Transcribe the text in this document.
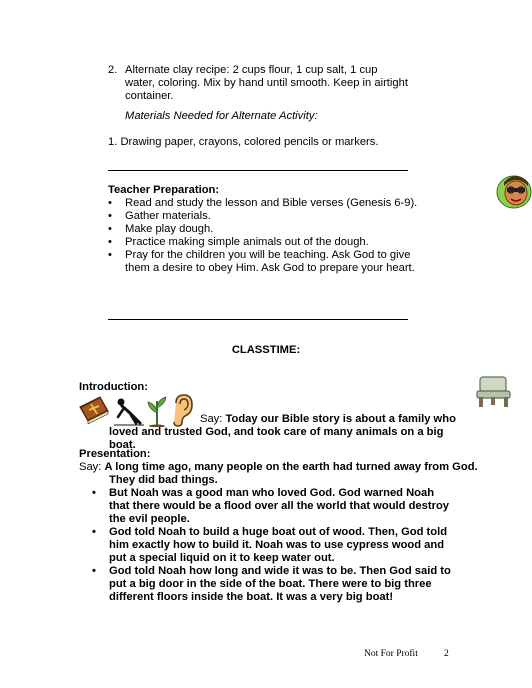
2. Alternate clay recipe: 2 cups flour, 1 cup salt, 1 cup water, coloring. Mix by hand until smooth. Keep in airtight container.
Materials Needed for Alternate Activity:
1. Drawing paper, crayons, colored pencils or markers.
Teacher Preparation:
• Read and study the lesson and Bible verses (Genesis 6-9).
• Gather materials.
• Make play dough.
• Practice making simple animals out of the dough.
• Pray for the children you will be teaching. Ask God to give them a desire to obey Him. Ask God to prepare your heart.
CLASSTIME:
Introduction:
Say: Today our Bible story is about a family who loved and trusted God, and took care of many animals on a big boat.
Presentation:
Say: A long time ago, many people on the earth had turned away from God. They did bad things.
• But Noah was a good man who loved God. God warned Noah that there would be a flood over all the world that would destroy the evil people.
• God told Noah to build a huge boat out of wood. Then, God told him exactly how to build it. Noah was to use cypress wood and put a special liquid on it to keep water out.
• God told Noah how long and wide it was to be. Then God said to put a big door in the side of the boat. There were to big three different floors inside the boat. It was a very big boat!
Not For Profit	2
